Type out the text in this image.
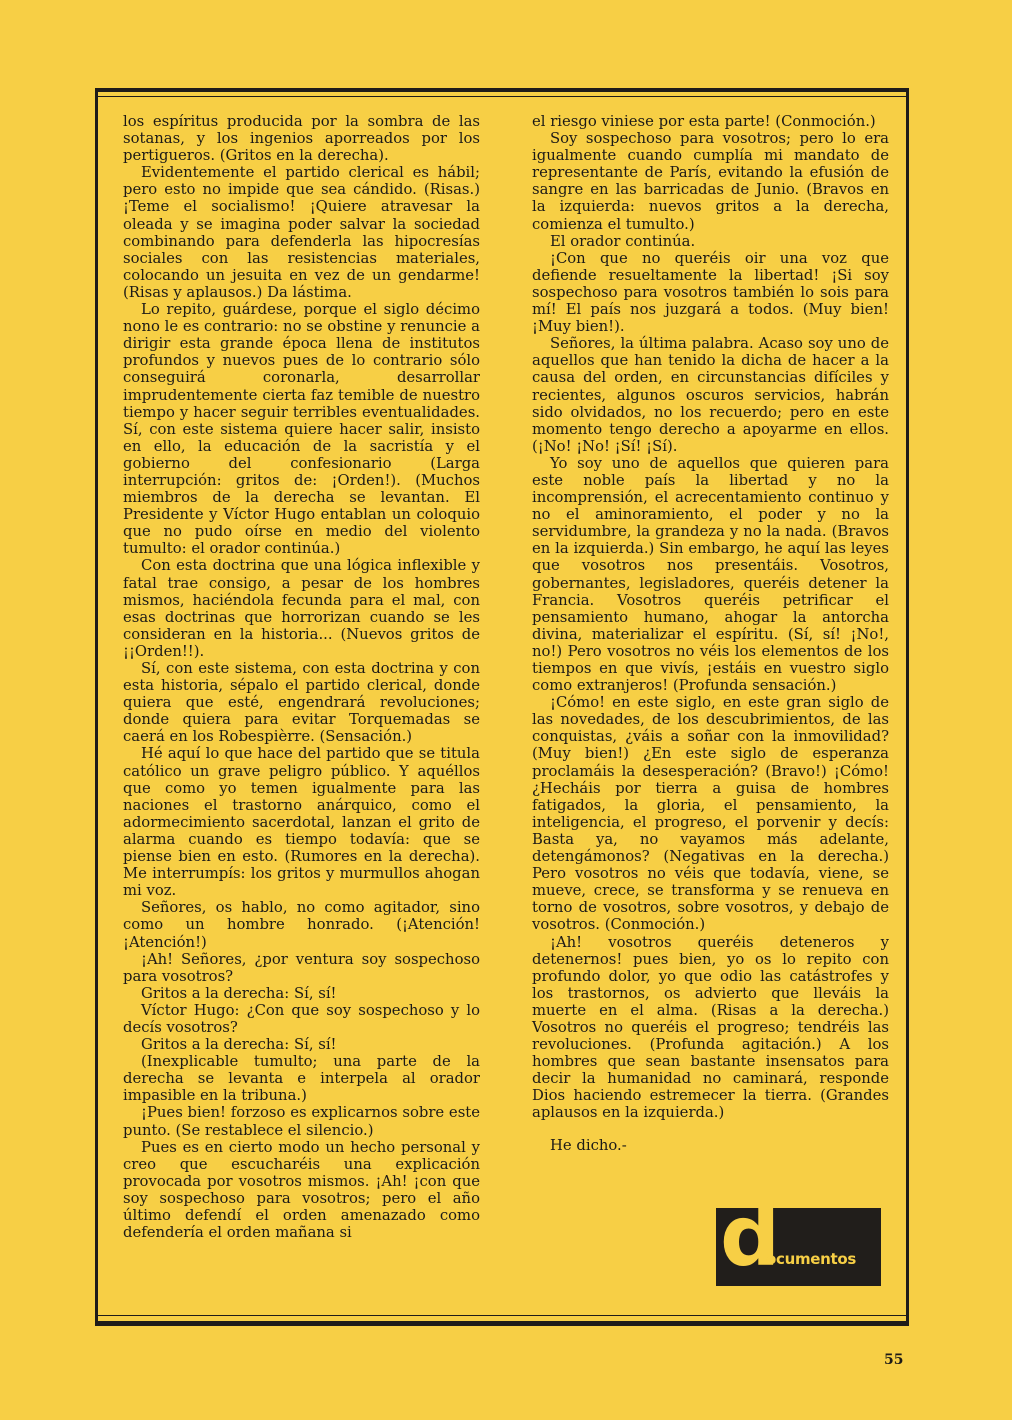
los espíritus producida por la sombra de las sotanas, y los ingenios aporreados por los pertigueros. (Gritos en la derecha).

Evidentemente el partido clerical es hábil; pero esto no impide que sea cándido. (Risas.) ¡Teme el socialismo! ¡Quiere atravesar la oleada y se imagina poder salvar la sociedad combinando para defenderla las hipocresías sociales con las resistencias materiales, colocando un jesuita en vez de un gendarme! (Risas y aplausos.) Da lástima.

Lo repito, guárdese, porque el siglo décimo nono le es contrario: no se obstine y renuncie a dirigir esta grande época llena de institutos profundos y nuevos pues de lo contrario sólo conseguirá coronarla, desarrollar imprudentemente cierta faz temible de nuestro tiempo y hacer seguir terribles eventualidades. Sí, con este sistema quiere hacer salir, insisto en ello, la educación de la sacristía y el gobierno del confesionario (Larga interrupción: gritos de: ¡Orden!). (Muchos miembros de la derecha se levantan. El Presidente y Víctor Hugo entablan un coloquio que no pudo oírse en medio del violento tumulto: el orador continúa.)

Con esta doctrina que una lógica inflexible y fatal trae consigo, a pesar de los hombres mismos, haciéndola fecunda para el mal, con esas doctrinas que horrorizan cuando se les consideran en la historia... (Nuevos gritos de ¡¡Orden!!).

Sí, con este sistema, con esta doctrina y con esta historia, sépalo el partido clerical, donde quiera que esté, engendrará revoluciones; donde quiera para evitar Torquemadas se caerá en los Robespièrre. (Sensación.)

Hé aquí lo que hace del partido que se titula católico un grave peligro público. Y aquéllos que como yo temen igualmente para las naciones el trastorno anárquico, como el adormecimiento sacerdotal, lanzan el grito de alarma cuando es tiempo todavía: que se piense bien en esto. (Rumores en la derecha). Me interrumpís: los gritos y murmullos ahogan mi voz.

Señores, os hablo, no como agitador, sino como un hombre honrado. (¡Atención! ¡Atención!)

¡Ah! Señores, ¿por ventura soy sospechoso para vosotros?

Gritos a la derecha: Sí, sí!

Víctor Hugo: ¿Con que soy sospechoso y lo decís vosotros?

Gritos a la derecha: Sí, sí!

(Inexplicable tumulto; una parte de la derecha se levanta e interpela al orador impasible en la tribuna.)

¡Pues bien! forzoso es explicarnos sobre este punto. (Se restablece el silencio.)

Pues es en cierto modo un hecho personal y creo que escucharéis una explicación provocada por vosotros mismos. ¡Ah! ¡con que soy sospechoso para vosotros; pero el año último defendí el orden amenazado como defendería el orden mañana si

el riesgo viniese por esta parte! (Conmoción.)

Soy sospechoso para vosotros; pero lo era igualmente cuando cumplía mi mandato de representante de París, evitando la efusión de sangre en las barricadas de Junio. (Bravos en la izquierda: nuevos gritos a la derecha, comienza el tumulto.)

El orador continúa.

¡Con que no queréis oir una voz que defiende resueltamente la libertad! ¡Si soy sospechoso para vosotros también lo sois para mí! El país nos juzgará a todos. (Muy bien! ¡Muy bien!).

Señores, la última palabra. Acaso soy uno de aquellos que han tenido la dicha de hacer a la causa del orden, en circunstancias difíciles y recientes, algunos oscuros servicios, habrán sido olvidados, no los recuerdo; pero en este momento tengo derecho a apoyarme en ellos. (¡No! ¡No! ¡Sí! ¡Sí).

Yo soy uno de aquellos que quieren para este noble país la libertad y no la incomprensión, el acrecentamiento continuo y no el aminoramiento, el poder y no la servidumbre, la grandeza y no la nada. (Bravos en la izquierda.) Sin embargo, he aquí las leyes que vosotros nos presentáis. Vosotros, gobernantes, legisladores, queréis detener la Francia. Vosotros queréis petrificar el pensamiento humano, ahogar la antorcha divina, materializar el espíritu. (Sí, sí! ¡No!, no!) Pero vosotros no véis los elementos de los tiempos en que vivís, ¡estáis en vuestro siglo como extranjeros! (Profunda sensación.)

¡Cómo! en este siglo, en este gran siglo de las novedades, de los descubrimientos, de las conquistas, ¿váis a soñar con la inmovilidad? (Muy bien!) ¿En este siglo de esperanza proclamáis la desesperación? (Bravo!) ¡Cómo! ¿Hecháis por tierra a guisa de hombres fatigados, la gloria, el pensamiento, la inteligencia, el progreso, el porvenir y decís: Basta ya, no vayamos más adelante, detengámonos? (Negativas en la derecha.) Pero vosotros no véis que todavía, viene, se mueve, crece, se transforma y se renueva en torno de vosotros, sobre vosotros, y debajo de vosotros. (Conmoción.)

¡Ah! vosotros queréis deteneros y detenernos! pues bien, yo os lo repito con profundo dolor, yo que odio las catástrofes y los trastornos, os advierto que lleváis la muerte en el alma. (Risas a la derecha.) Vosotros no queréis el progreso; tendréis las revoluciones. (Profunda agitación.) A los hombres que sean bastante insensatos para decir la humanidad no caminará, responde Dios haciendo estremecer la tierra. (Grandes aplausos en la izquierda.)

He dicho.-

d
ocumentos
55
